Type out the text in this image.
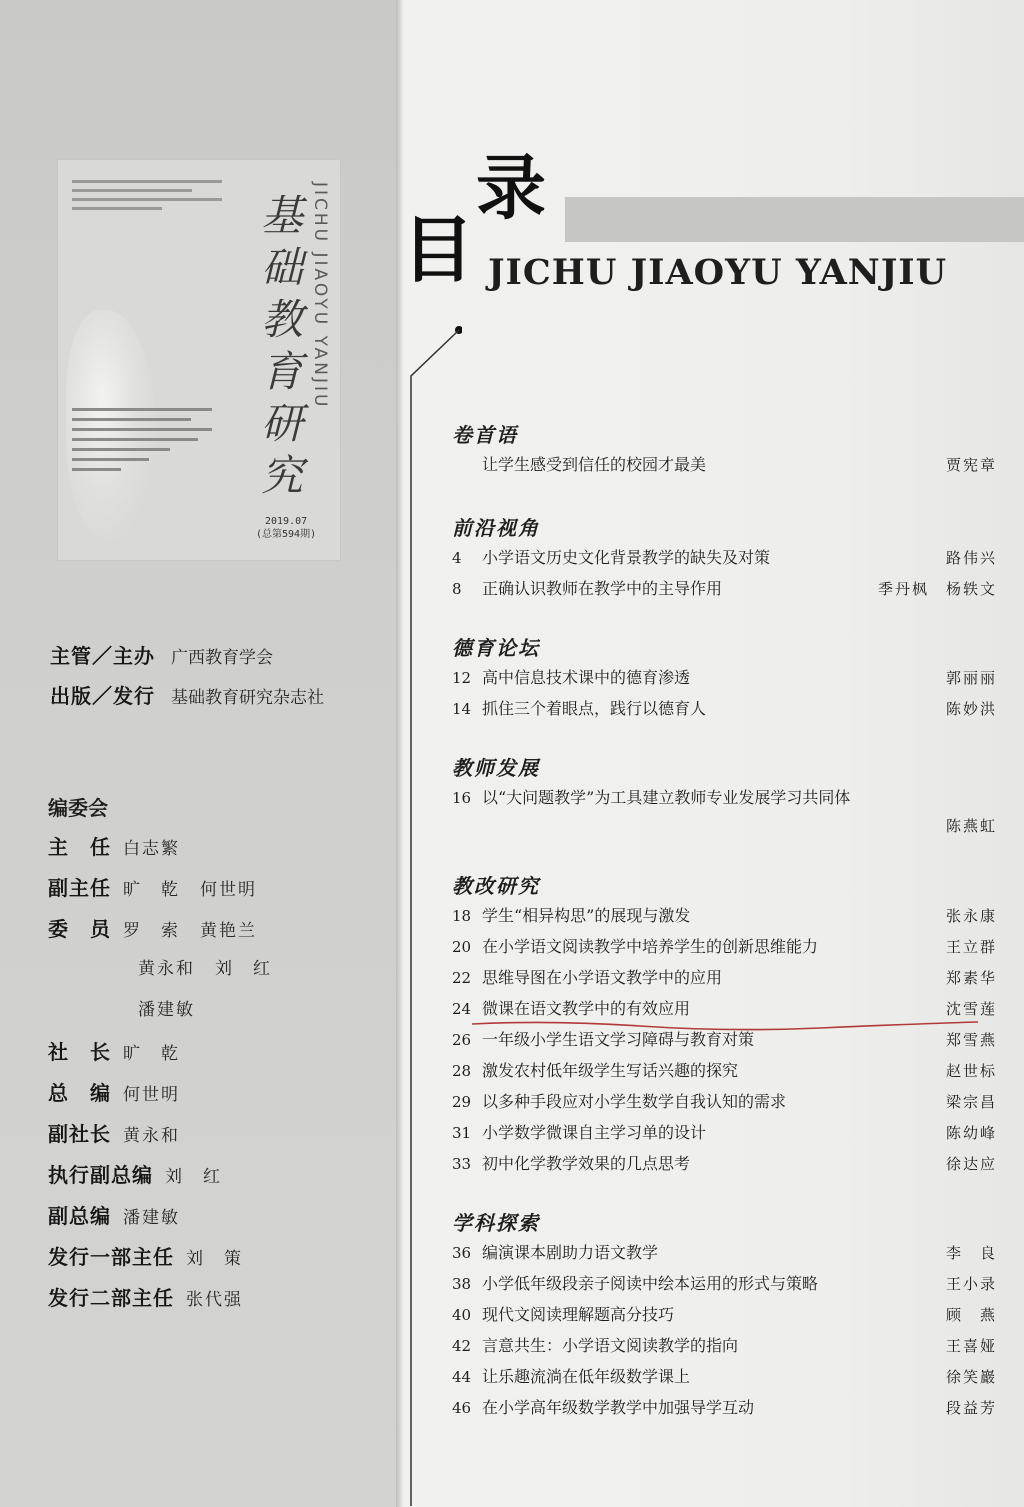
基础教育研究
JICHU JIAOYU YANJIU
2019.07
(总第594期)
主管／主办 广西教育学会
出版／发行 基础教育研究杂志社
编委会
主　任 白志繁
副主任 旷　乾 何世明
委　员 罗　索 黄艳兰
黄永和 刘　红
潘建敏
社　长 旷　乾
总　编 何世明
副社长 黄永和
执行副总编 刘　红
副总编 潘建敏
发行一部主任 刘　策
发行二部主任 张代强
录
目 JICHU JIAOYU YANJIU
卷首语
让学生感受到信任的校园才最美	贾宪章
前沿视角
4	小学语文历史文化背景教学的缺失及对策	路伟兴
8	正确认识教师在教学中的主导作用	季丹枫　杨轶文
德育论坛
12 高中信息技术课中的德育渗透	郭丽丽
14 抓住三个着眼点，践行以德育人	陈妙洪
教师发展
16 以“大问题教学”为工具建立教师专业发展学习共同体
陈燕虹
教改研究
18 学生“相异构思”的展现与激发	张永康
20 在小学语文阅读教学中培养学生的创新思维能力	王立群
22 思维导图在小学语文教学中的应用	郑素华
24 微课在语文教学中的有效应用	沈雪莲
26 一年级小学生语文学习障碍与教育对策	郑雪燕
28 激发农村低年级学生写话兴趣的探究	赵世标
29 以多种手段应对小学生数学自我认知的需求	梁宗昌
31 小学数学微课自主学习单的设计	陈幼峰
33 初中化学教学效果的几点思考	徐达应
学科探索
36 编演课本剧助力语文教学	李　良
38 小学低年级段亲子阅读中绘本运用的形式与策略	王小录
40 现代文阅读理解题高分技巧	顾　燕
42 言意共生：小学语文阅读教学的指向	王喜娅
44 让乐趣流淌在低年级数学课上	徐笑巖
46 在小学高年级数学教学中加强导学互动	段益芳
